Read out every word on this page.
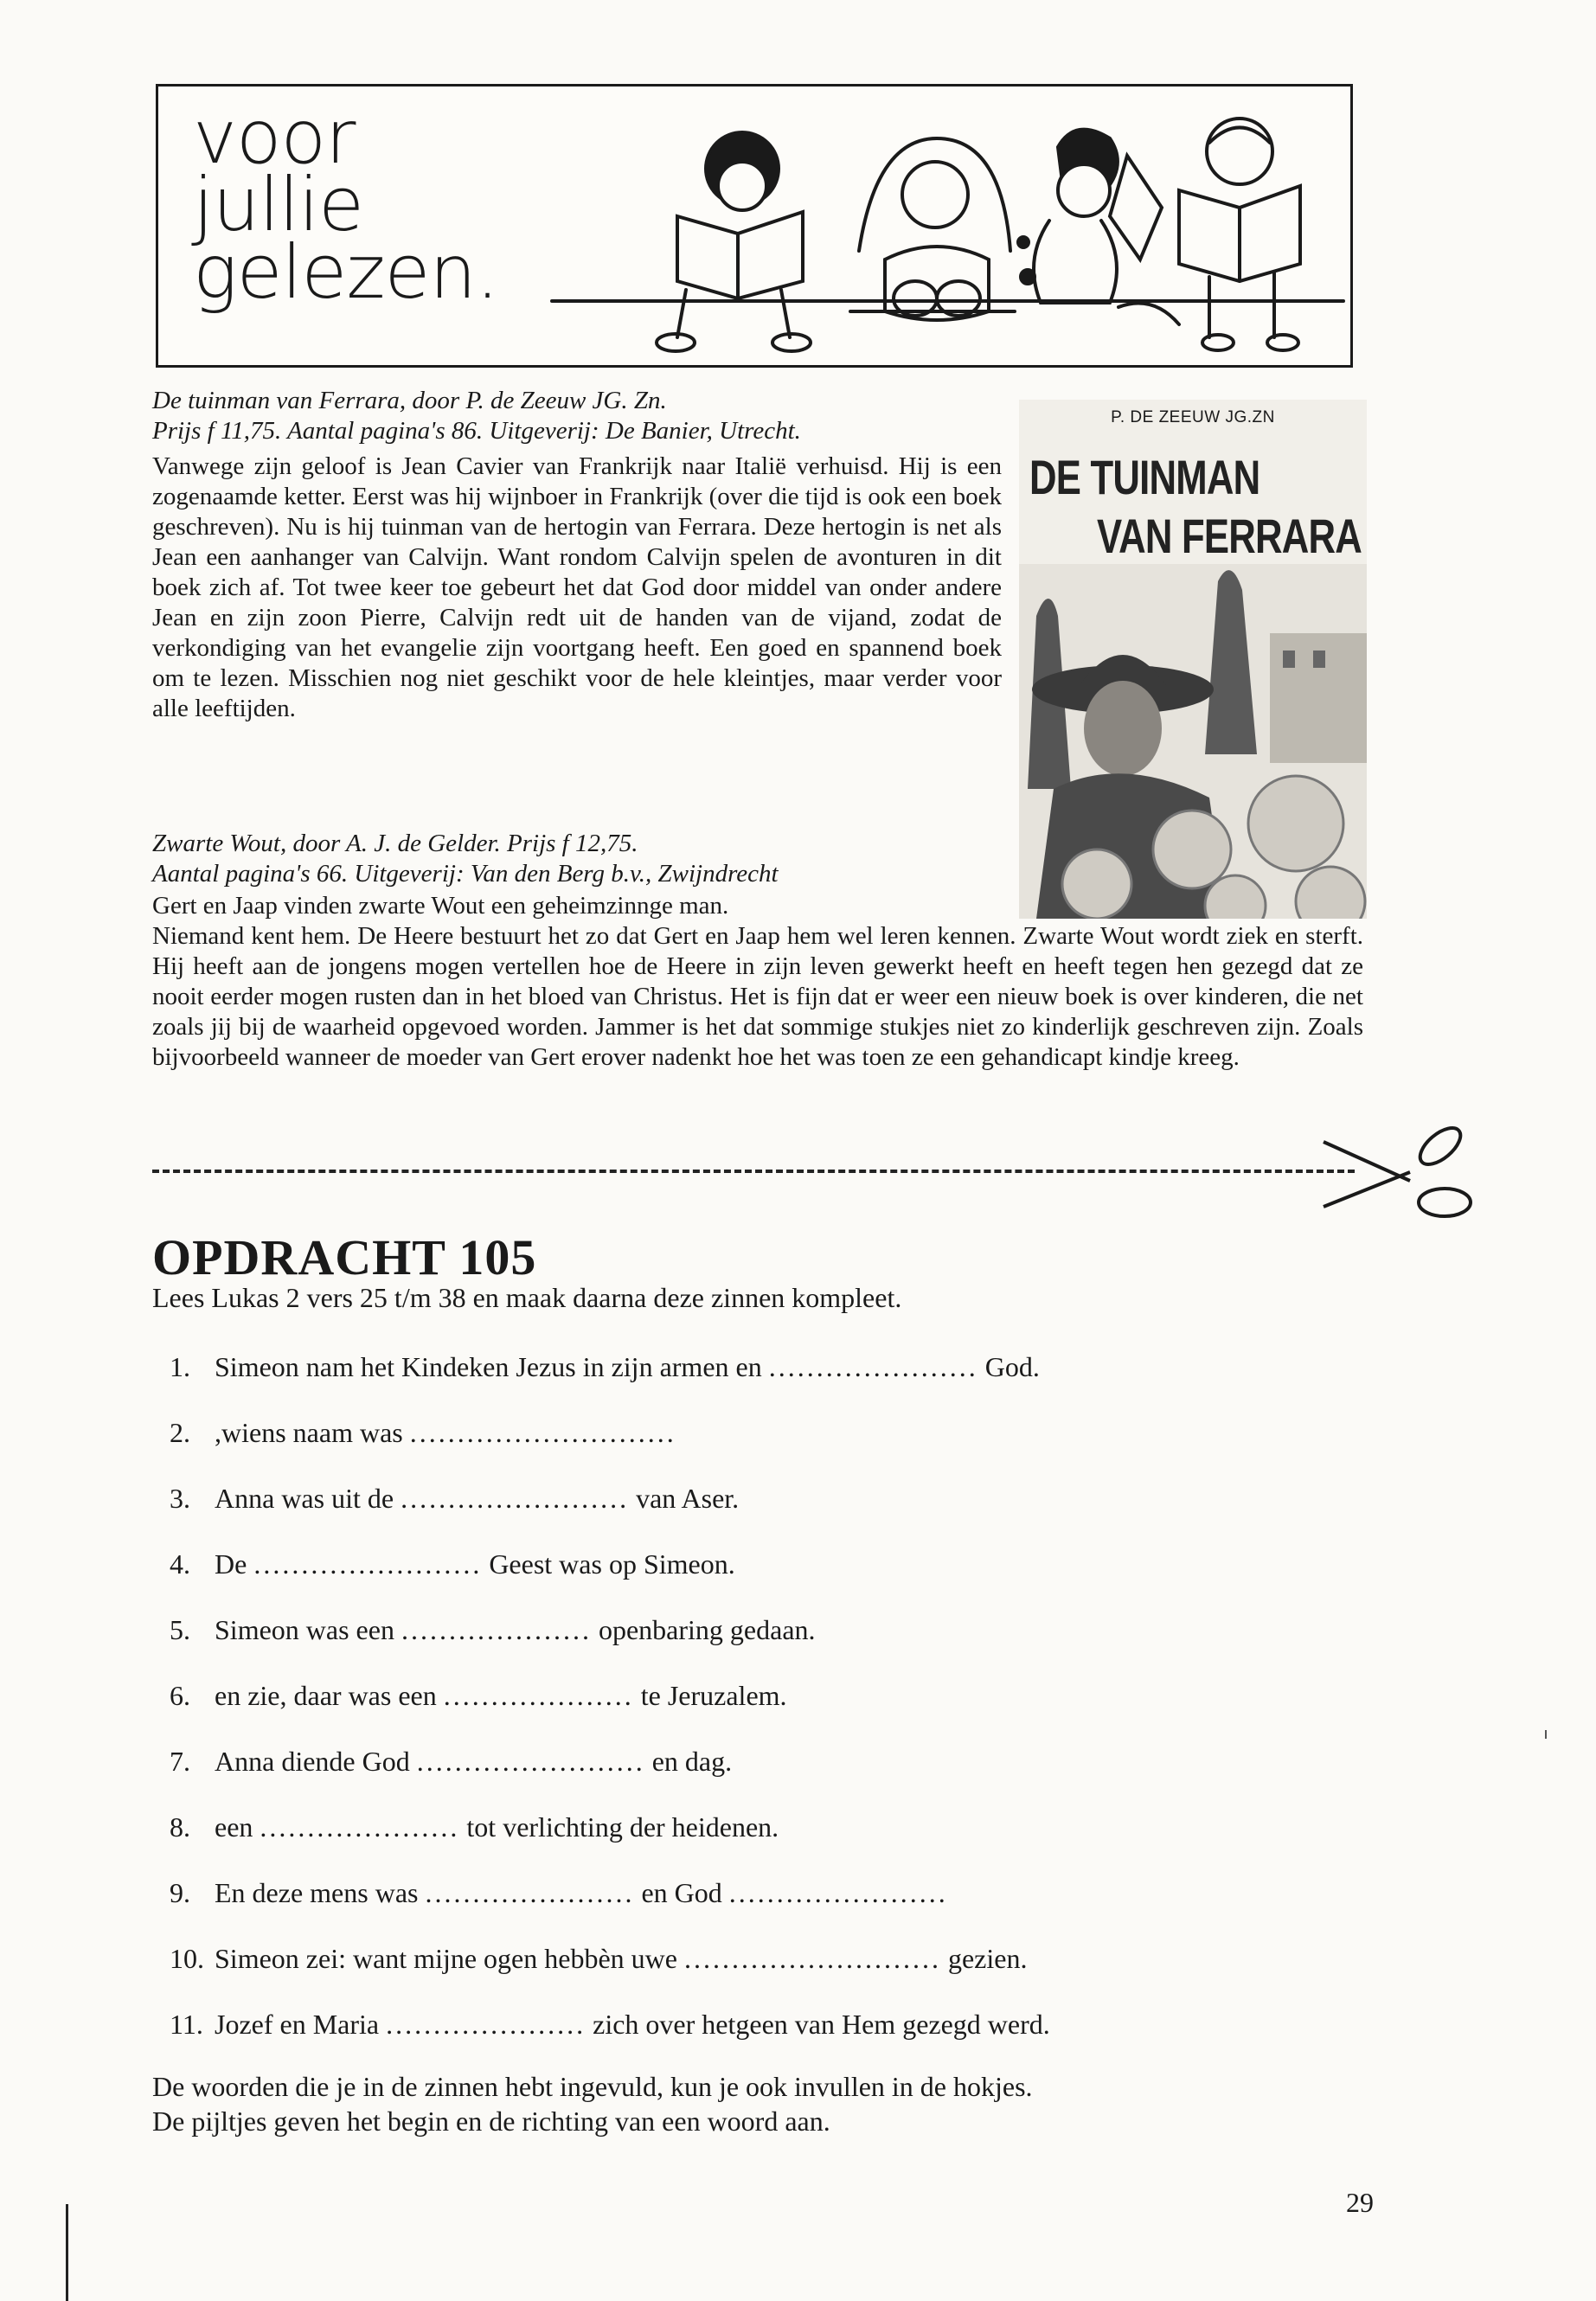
voor
jullie
gelezen.

De tuinman van Ferrara, door P. de Zeeuw JG. Zn.

Prijs f 11,75. Aantal pagina's 86. Uitgeverij: De Banier, Utrecht.

Vanwege zijn geloof is Jean Cavier van Frankrijk naar Italië verhuisd. Hij is een zogenaamde ketter. Eerst was hij wijnboer in Frankrijk (over die tijd is ook een boek geschreven). Nu is hij tuinman van de hertogin van Ferrara. Deze hertogin is net als Jean een aanhanger van Calvijn. Want rondom Calvijn spelen de avonturen in dit boek zich af. Tot twee keer toe gebeurt het dat God door middel van onder andere Jean en zijn zoon Pierre, Calvijn redt uit de handen van de vijand, zodat de verkondiging van het evangelie zijn voortgang heeft. Een goed en spannend boek om te lezen. Misschien nog niet geschikt voor de hele kleintjes, maar verder voor alle leeftijden.

P. DE ZEEUW JG.ZN
DE TUINMAN
VAN FERRARA

Zwarte Wout, door A. J. de Gelder. Prijs f 12,75.

Aantal pagina's 66. Uitgeverij: Van den Berg b.v., Zwijndrecht

Gert en Jaap vinden zwarte Wout een geheimzinnge man.

Niemand kent hem. De Heere bestuurt het zo dat Gert en Jaap hem wel leren kennen. Zwarte Wout wordt ziek en sterft. Hij heeft aan de jongens mogen vertellen hoe de Heere in zijn leven gewerkt heeft en heeft tegen hen gezegd dat ze nooit eerder mogen rusten dan in het bloed van Christus. Het is fijn dat er weer een nieuw boek is over kinderen, die net zoals jij bij de waarheid opgevoed worden. Jammer is het dat sommige stukjes niet zo kinderlijk geschreven zijn. Zoals bijvoorbeeld wanneer de moeder van Gert erover nadenkt hoe het was toen ze een gehandicapt kindje kreeg.

OPDRACHT 105
Lees Lukas 2 vers 25 t/m 38 en maak daarna deze zinnen kompleet.
1. Simeon nam het Kindeken Jezus in zijn armen en
......................
God.
2. ,wiens naam was
............................
3. Anna was uit de
........................
van Aser.
4. De
........................
Geest was op Simeon.
5. Simeon was een
....................
openbaring gedaan.
6. en zie, daar was een
....................
te Jeruzalem.
7. Anna diende God
........................
en dag.
8. een
.....................
tot verlichting der heidenen.
9. En deze mens was
......................
en God
.......................
10. Simeon zei: want mijne ogen hebbèn uwe
...........................
gezien.
11. Jozef en Maria
.....................
zich over hetgeen van Hem gezegd werd.
De woorden die je in de zinnen hebt ingevuld, kun je ook invullen in de hokjes.
De pijltjes geven het begin en de richting van een woord aan.
29
